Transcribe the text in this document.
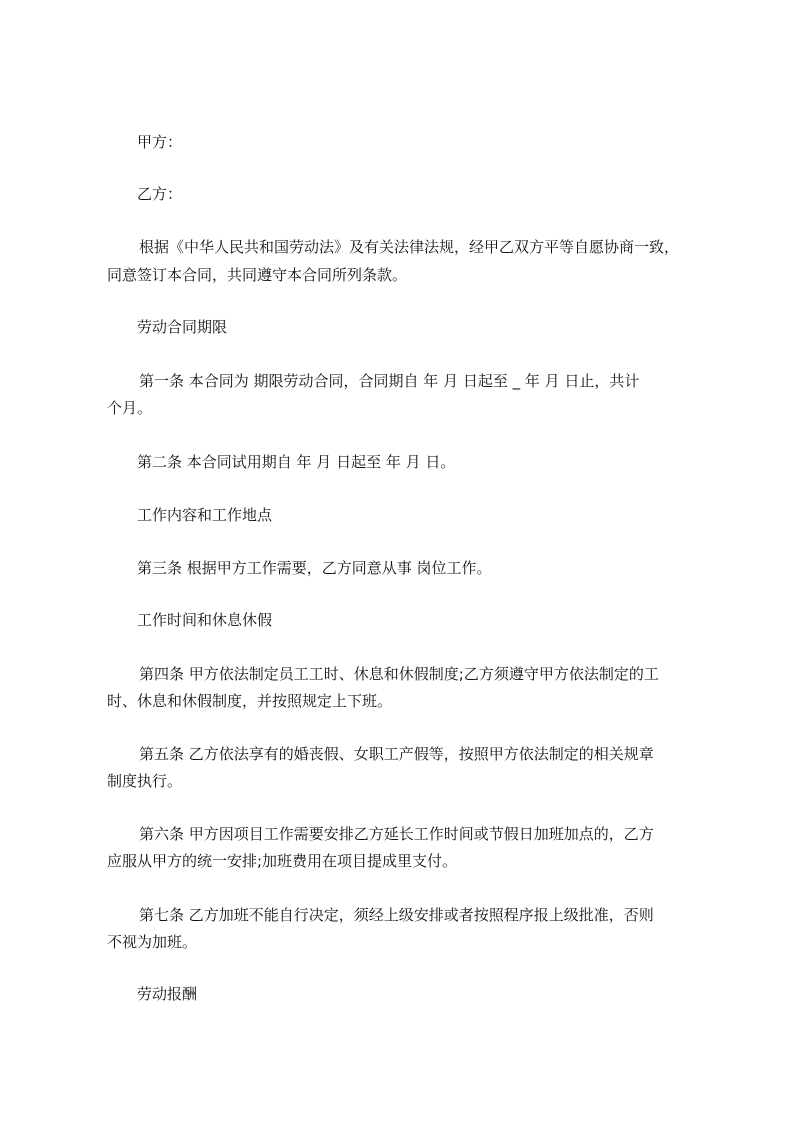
甲方：
乙方：
根据《中华人民共和国劳动法》及有关法律法规，经甲乙双方平等自愿协商一致，
同意签订本合同，共同遵守本合同所列条款。
劳动合同期限
第一条 本合同为 期限劳动合同，合同期自 年 月 日起至 _ 年 月 日止，共计
个月。
第二条 本合同试用期自 年 月 日起至 年 月 日。
工作内容和工作地点
第三条 根据甲方工作需要，乙方同意从事 岗位工作。
工作时间和休息休假
第四条 甲方依法制定员工工时、休息和休假制度;乙方须遵守甲方依法制定的工
时、休息和休假制度，并按照规定上下班。
第五条 乙方依法享有的婚丧假、女职工产假等，按照甲方依法制定的相关规章
制度执行。
第六条 甲方因项目工作需要安排乙方延长工作时间或节假日加班加点的，乙方
应服从甲方的统一安排;加班费用在项目提成里支付。
第七条 乙方加班不能自行决定，须经上级安排或者按照程序报上级批准，否则
不视为加班。
劳动报酬
